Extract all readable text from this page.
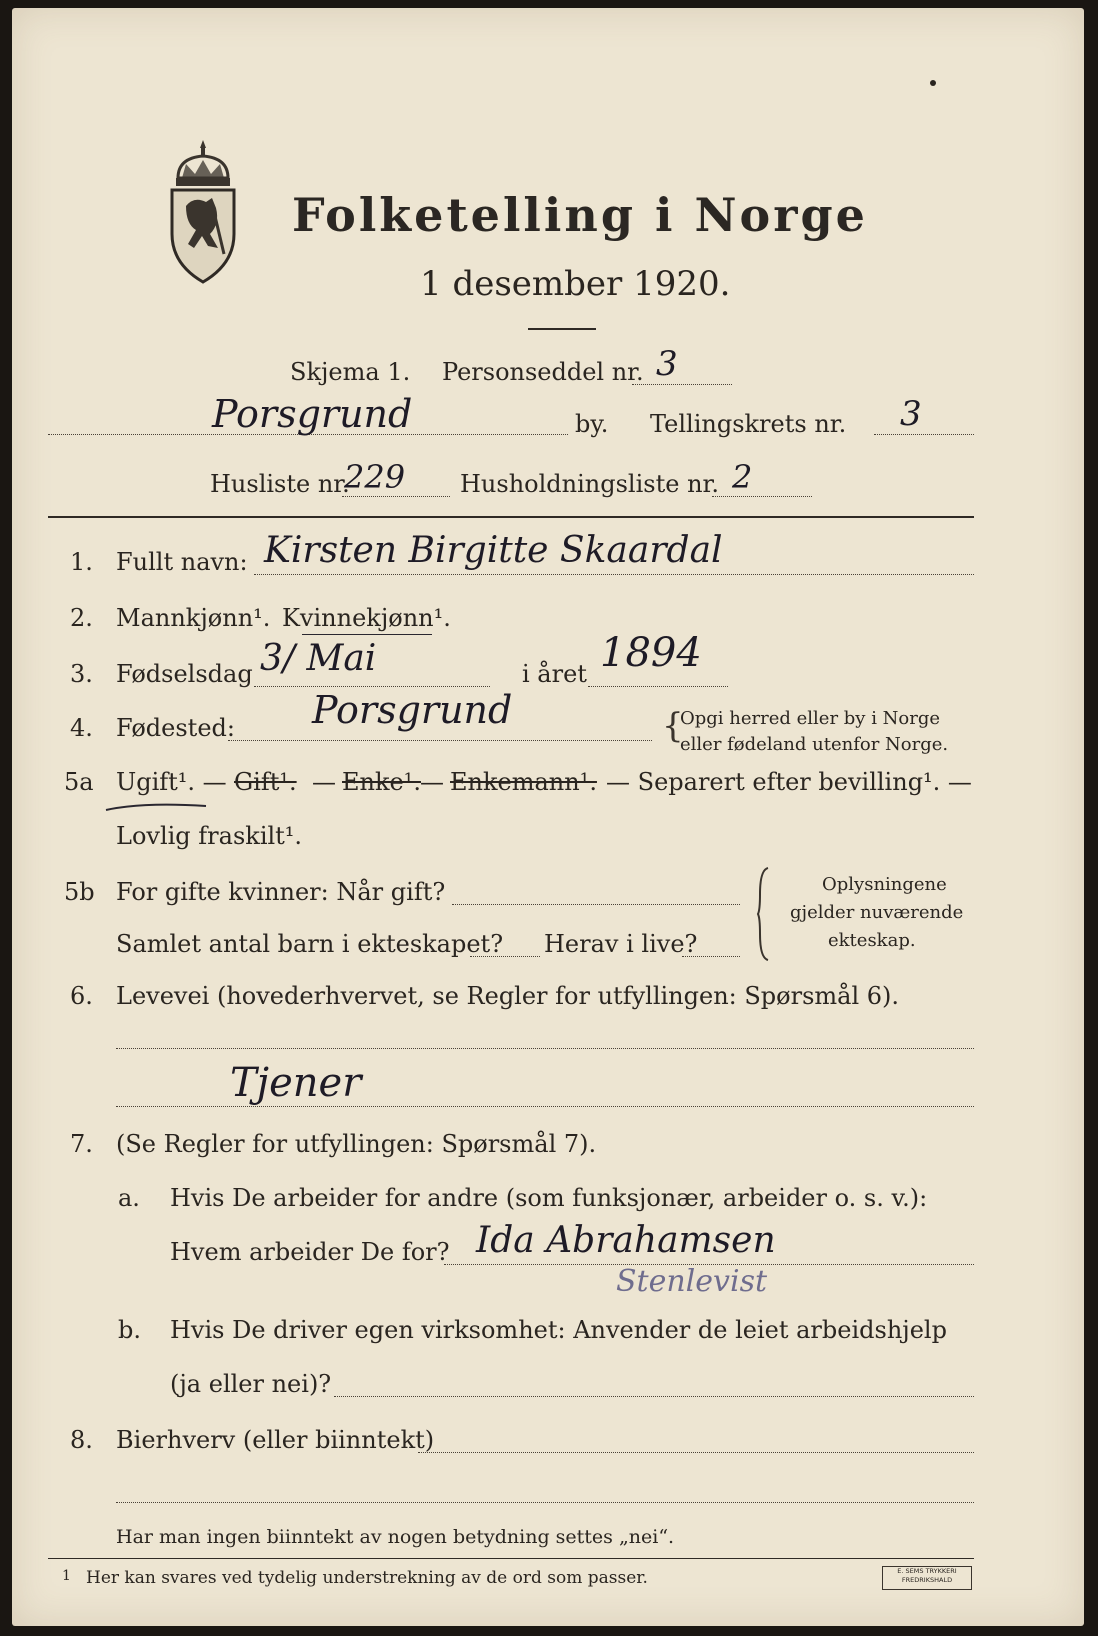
Folketelling i Norge
1 desember 1920.
Skjema 1. Personseddel nr. 3
Porsgrund	by. Tellingskrets nr. 3
Husliste nr.
229 Husholdningsliste nr. 2
1. Fullt navn: Kirsten Birgitte Skaardal
2. Mannkjønn¹. Kvinnekjønn¹.
3. Fødselsdag 3/ Mai	i året 1894
4. Fødested: Porsgrund	{
Opgi herred eller by i Norge
eller fødeland utenfor Norge.
5a Ugift¹. — Gift¹. — Enke¹. — Enkemann¹. — Separert efter bevilling¹. —
Lovlig fraskilt¹.
5b For gifte kvinner: Når gift?
Samlet antal barn i ekteskapet? Herav i live?
Oplysningene
gjelder nuværende
ekteskap.
6. Levevei (hovederhvervet, se Regler for utfyllingen: Spørsmål 6).
Tjener
7. (Se Regler for utfyllingen: Spørsmål 7).
a. Hvis De arbeider for andre (som funksjonær, arbeider o. s. v.):
Hvem arbeider De for? Ida Abrahamsen
Stenlevist
b. Hvis De driver egen virksomhet: Anvender de leiet arbeidshjelp
(ja eller nei)?
8. Bierhverv (eller biinntekt)
Har man ingen biinntekt av nogen betydning settes „nei“.
1 Her kan svares ved tydelig understrekning av de ord som passer.	E. SEMS TRYKKERI FREDRIKSHALD
